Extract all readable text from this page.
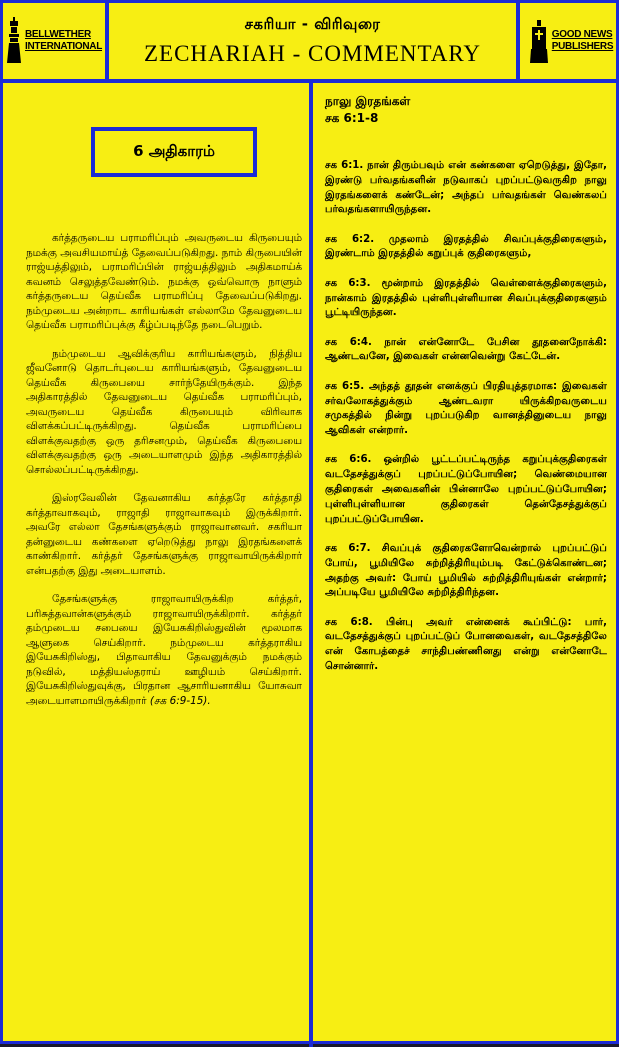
BELLWETHER
INTERNATIONAL
சகரியா - விரிவுரை
ZECHARIAH - COMMENTARY
GOOD NEWS
PUBLISHERS
6 அதிகாரம்

கர்த்தருடைய பராமரிப்பும் அவருடைய கிருபையும் நமக்கு அவசியமாய்த் தேவைப்படுகிறது. நாம் கிருபையின் ராஜ்யத்திலும், பராமரிப்பின் ராஜ்யத்திலும் அதிகமாய்க் கவனம் செலுத்தவேண்டும். நமக்கு ஒவ்வொரு நாளும் கர்த்தருடைய தெய்வீக பராமரிப்பு தேவைப்படுகிறது. நம்முடைய அன்றாட காரியங்கள் எல்லாமே தேவனுடைய தெய்வீக பராமரிப்புக்கு கீழ்ப்படிந்தே நடைபெறும்.

நம்முடைய ஆவிக்குரிய காரியங்களும், நித்திய ஜீவனோடு தொடர்புடைய காரியங்களும், தேவனுடைய தெய்வீக கிருபையை சார்ந்தேயிருக்கும். இந்த அதிகாரத்தில் தேவனுடைய தெய்வீக பராமரிப்பும், அவருடைய தெய்வீக கிருபையும் விரிவாக விளக்கப்பட்டிருக்கிறது. தெய்வீக பராமரிப்பை விளக்குவதற்கு ஒரு தரிசனமும், தெய்வீக கிருபையை விளக்குவதற்கு ஒரு அடையாளமும் இந்த அதிகாரத்தில் சொல்லப்பட்டிருக்கிறது.

இஸ்ரவேலின் தேவனாகிய கர்த்தரே கர்த்தாதி கர்த்தாவாகவும், ராஜாதி ராஜாவாகவும் இருக்கிறார். அவரே எல்லா தேசங்களுக்கும் ராஜாவானவர். சகரியா தன்னுடைய கண்களை ஏறெடுத்து நாலு இரதங்களைக் காண்கிறார். கர்த்தர் தேசங்களுக்கு ராஜாவாயிருக்கிறார் என்பதற்கு இது அடையாளம்.

தேசங்களுக்கு ராஜாவாயிருக்கிற கர்த்தர், பரிசுத்தவான்களுக்கும் ராஜாவாயிருக்கிறார். கர்த்தர் தம்முடைய சபையை இயேசுகிறிஸ்துவின் மூலமாக ஆளுகை செய்கிறார். நம்முடைய கர்த்தராகிய இயேசுகிறிஸ்து, பிதாவாகிய தேவனுக்கும் நமக்கும் நடுவில், மத்தியஸ்தராய் ஊழியம் செய்கிறார். இயேசுகிறிஸ்துவுக்கு, பிரதான ஆசாரியனாகிய யோசுவா அடையாளமாயிருக்கிறார் (சக 6:9-15).

நாலு இரதங்கள்
சக 6:1-8

சக 6:1. நான் திரும்பவும் என் கண்களை ஏறெடுத்து, இதோ, இரண்டு பர்வதங்களின் நடுவாகப் புறப்பட்டுவருகிற நாலு இரதங்களைக் கண்டேன்; அந்தப் பர்வதங்கள் வெண்கலப் பர்வதங்களாயிருந்தன.

சக 6:2. முதலாம் இரதத்தில் சிவப்புக்குதிரைகளும், இரண்டாம் இரதத்தில் கறுப்புக் குதிரைகளும்,

சக 6:3. மூன்றாம் இரதத்தில் வெள்ளைக்குதிரைகளும், நான்காம் இரதத்தில் புள்ளிபுள்ளியான சிவப்புக்குதிரைகளும் பூட்டியிருந்தன.

சக 6:4. நான் என்னோடே பேசின தூதனைநோக்கி: ஆண்டவனே, இவைகள் என்னவென்று கேட்டேன்.

சக 6:5. அந்தத் தூதன் எனக்குப் பிரதியுத்தரமாக: இவைகள் சர்வலோகத்துக்கும் ஆண்டவரா யிருக்கிறவருடைய சமுகத்தில் நின்று புறப்படுகிற வானத்தினுடைய நாலு ஆவிகள் என்றார்.

சக 6:6. ஒன்றில் பூட்டப்பட்டிருந்த கறுப்புக்குதிரைகள் வடதேசத்துக்குப் புறப்பட்டுப்போயின; வெண்மையான குதிரைகள் அவைகளின் பின்னாலே புறப்பட்டுப்போயின; புள்ளிபுள்ளியான குதிரைகள் தென்தேசத்துக்குப் புறப்பட்டுப்போயின.

சக 6:7. சிவப்புக் குதிரைகளோவென்றால் புறப்பட்டுப் போய், பூமியிலே சுற்றித்திரியும்படி கேட்டுக்கொண்டன; அதற்கு அவர்: போய் பூமியில் சுற்றித்திரியுங்கள் என்றார்; அப்படியே பூமியிலே சுற்றித்திரிந்தன.

சக 6:8. பின்பு அவர் என்னைக் கூப்பிட்டு: பார், வடதேசத்துக்குப் புறப்பட்டுப் போனவைகள், வடதேசத்திலே என் கோபத்தைச் சாந்திபண்ணினது என்று என்னோடே சொன்னார்.
